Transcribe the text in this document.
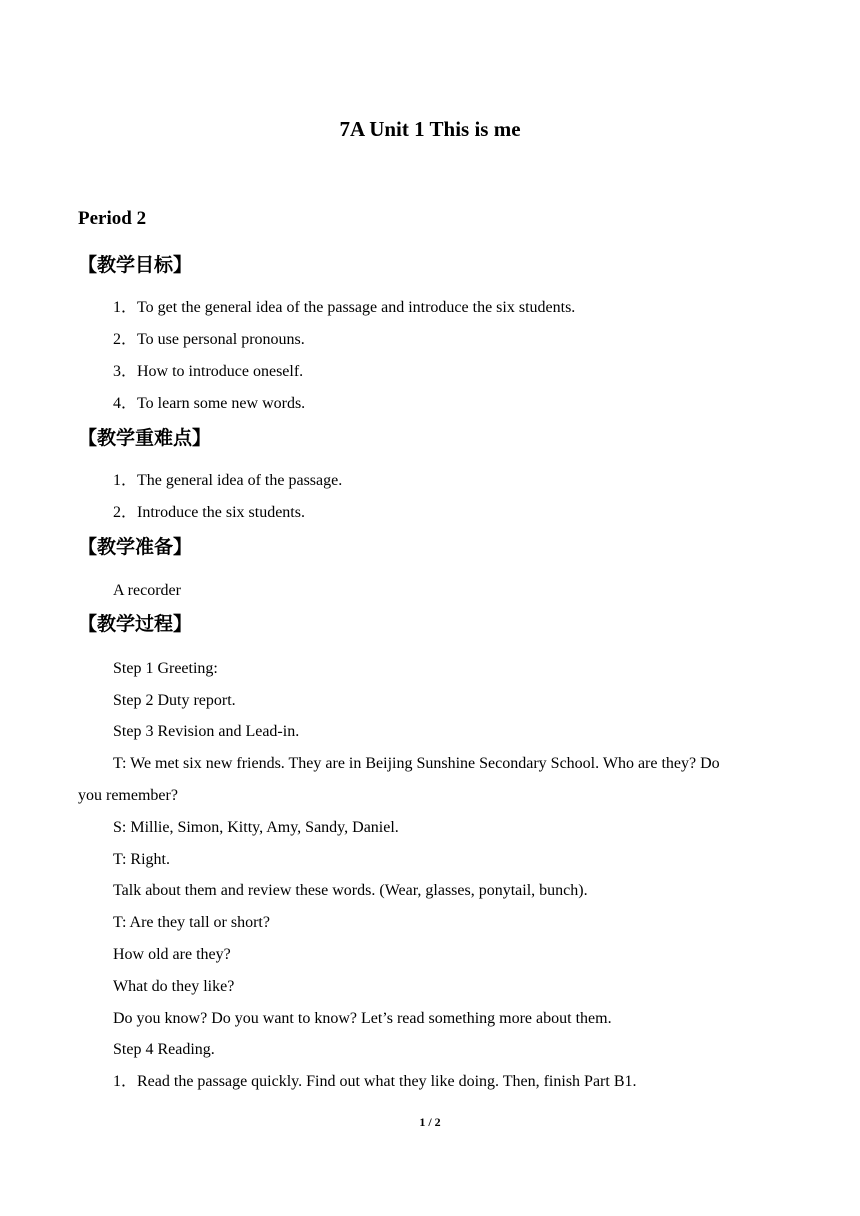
7A Unit 1 This is me
Period 2
【教学目标】
1．To get the general idea of the passage and introduce the six students.
2．To use personal pronouns.
3．How to introduce oneself.
4．To learn some new words.
【教学重难点】
1．The general idea of the passage.
2．Introduce the six students.
【教学准备】
A recorder
【教学过程】
Step 1 Greeting:
Step 2 Duty report.
Step 3 Revision and Lead-in.
T: We met six new friends. They are in Beijing Sunshine Secondary School. Who are they? Do
you remember?
S: Millie, Simon, Kitty, Amy, Sandy, Daniel.
T: Right.
Talk about them and review these words. (Wear, glasses, ponytail, bunch).
T: Are they tall or short?
How old are they?
What do they like?
Do you know? Do you want to know? Let’s read something more about them.
Step 4 Reading.
1．Read the passage quickly. Find out what they like doing. Then, finish Part B1.
1 / 2
